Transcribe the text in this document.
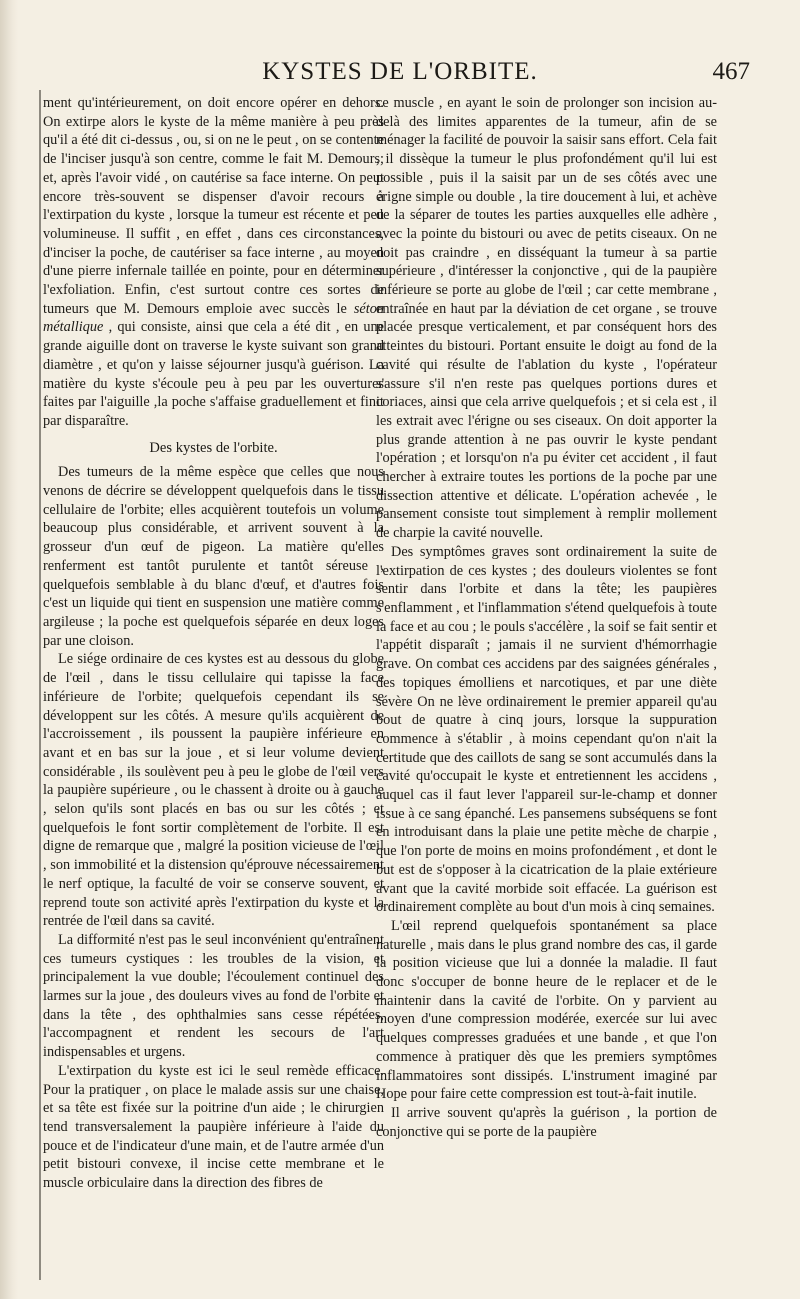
KYSTES DE L'ORBITE.	467

ment qu'intérieurement, on doit encore opérer en dehors. On extirpe alors le kyste de la même manière à peu près qu'il a été dit ci-dessus , ou, si on ne le peut , on se contente de l'inciser jusqu'à son centre, comme le fait M. Demours; et, après l'avoir vidé , on cautérise sa face interne. On peut encore très-souvent se dispenser d'avoir recours à l'extirpation du kyste , lorsque la tumeur est récente et peu volumineuse. Il suffit , en effet , dans ces circonstances, d'inciser la poche, de cautériser sa face interne , au moyen d'une pierre infernale taillée en pointe, pour en déterminer l'exfoliation. Enfin, c'est surtout contre ces sortes de tumeurs que M. Demours emploie avec succès le séton métallique , qui consiste, ainsi que cela a été dit , en une grande aiguille dont on traverse le kyste suivant son grand diamètre , et qu'on y laisse séjourner jusqu'à guérison. La matière du kyste s'écoule peu à peu par les ouvertures faites par l'aiguille ,la poche s'affaise graduellement et finit par disparaître.

Des kystes de l'orbite.

Des tumeurs de la même espèce que celles que nous venons de décrire se développent quelquefois dans le tissu cellulaire de l'orbite; elles acquièrent toutefois un volume beaucoup plus considérable, et arrivent souvent à la grosseur d'un œuf de pigeon. La matière qu'elles renferment est tantôt purulente et tantôt séreuse , quelquefois semblable à du blanc d'œuf, et d'autres fois c'est un liquide qui tient en suspension une matière comme argileuse ; la poche est quelquefois séparée en deux loges par une cloison.

Le siége ordinaire de ces kystes est au dessous du globe de l'œil , dans le tissu cellulaire qui tapisse la face inférieure de l'orbite; quelquefois cependant ils se développent sur les côtés. A mesure qu'ils acquièrent de l'accroissement , ils poussent la paupière inférieure en avant et en bas sur la joue , et si leur volume devient considérable , ils soulèvent peu à peu le globe de l'œil vers la paupière supérieure , ou le chassent à droite ou à gauche , selon qu'ils sont placés en bas ou sur les côtés ; et quelquefois le font sortir complètement de l'orbite. Il est digne de remarque que , malgré la position vicieuse de l'œil , son immobilité et la distension qu'éprouve nécessairement le nerf optique, la faculté de voir se conserve souvent, et reprend toute son activité après l'extirpation du kyste et la rentrée de l'œil dans sa cavité.

La difformité n'est pas le seul inconvénient qu'entraînent ces tumeurs cystiques : les troubles de la vision, et principalement la vue double; l'écoulement continuel des larmes sur la joue , des douleurs vives au fond de l'orbite et dans la tête , des ophthalmies sans cesse répétées, l'accompagnent et rendent les secours de l'art indispensables et urgens.

L'extirpation du kyste est ici le seul remède efficace. Pour la pratiquer , on place le malade assis sur une chaise, et sa tête est fixée sur la poitrine d'un aide ; le chirurgien tend transversalement la paupière inférieure à l'aide du pouce et de l'indicateur d'une main, et de l'autre armée d'un petit bistouri convexe, il incise cette membrane et le muscle orbiculaire dans la direction des fibres de

ce muscle , en ayant le soin de prolonger son incision au-delà des limites apparentes de la tumeur, afin de se ménager la facilité de pouvoir la saisir sans effort. Cela fait , il dissèque la tumeur le plus profondément qu'il lui est possible , puis il la saisit par un de ses côtés avec une érigne simple ou double , la tire doucement à lui, et achève de la séparer de toutes les parties auxquelles elle adhère , avec la pointe du bistouri ou avec de petits ciseaux. On ne doit pas craindre , en disséquant la tumeur à sa partie supérieure , d'intéresser la conjonctive , qui de la paupière inférieure se porte au globe de l'œil ; car cette membrane , entraînée en haut par la déviation de cet organe , se trouve placée presque verticalement, et par conséquent hors des atteintes du bistouri. Portant ensuite le doigt au fond de la cavité qui résulte de l'ablation du kyste , l'opérateur s'assure s'il n'en reste pas quelques portions dures et coriaces, ainsi que cela arrive quelquefois ; et si cela est , il les extrait avec l'érigne ou ses ciseaux. On doit apporter la plus grande attention à ne pas ouvrir le kyste pendant l'opération ; et lorsqu'on n'a pu éviter cet accident , il faut chercher à extraire toutes les portions de la poche par une dissection attentive et délicate. L'opération achevée , le pansement consiste tout simplement à remplir mollement de charpie la cavité nouvelle.

Des symptômes graves sont ordinairement la suite de l'extirpation de ces kystes ; des douleurs violentes se font sentir dans l'orbite et dans la tête; les paupières s'enflamment , et l'inflammation s'étend quelquefois à toute la face et au cou ; le pouls s'accélère , la soif se fait sentir et l'appétit disparaît ; jamais il ne survient d'hémorrhagie grave. On combat ces accidens par des saignées générales , des topiques émolliens et narcotiques, et par une diète sévère On ne lève ordinairement le premier appareil qu'au bout de quatre à cinq jours, lorsque la suppuration commence à s'établir , à moins cependant qu'on n'ait la certitude que des caillots de sang se sont accumulés dans la cavité qu'occupait le kyste et entretiennent les accidens , auquel cas il faut lever l'appareil sur-le-champ et donner issue à ce sang épanché. Les pansemens subséquens se font en introduisant dans la plaie une petite mèche de charpie , que l'on porte de moins en moins profondément , et dont le but est de s'opposer à la cicatrication de la plaie extérieure avant que la cavité morbide soit effacée. La guérison est ordinairement complète au bout d'un mois à cinq semaines.

L'œil reprend quelquefois spontanément sa place naturelle , mais dans le plus grand nombre des cas, il garde la position vicieuse que lui a donnée la maladie. Il faut donc s'occuper de bonne heure de le replacer et de le maintenir dans la cavité de l'orbite. On y parvient au moyen d'une compression modérée, exercée sur lui avec quelques compresses graduées et une bande , et que l'on commence à pratiquer dès que les premiers symptômes inflammatoires sont dissipés. L'instrument imaginé par Hope pour faire cette compression est tout-à-fait inutile.

Il arrive souvent qu'après la guérison , la portion de conjonctive qui se porte de la paupière
